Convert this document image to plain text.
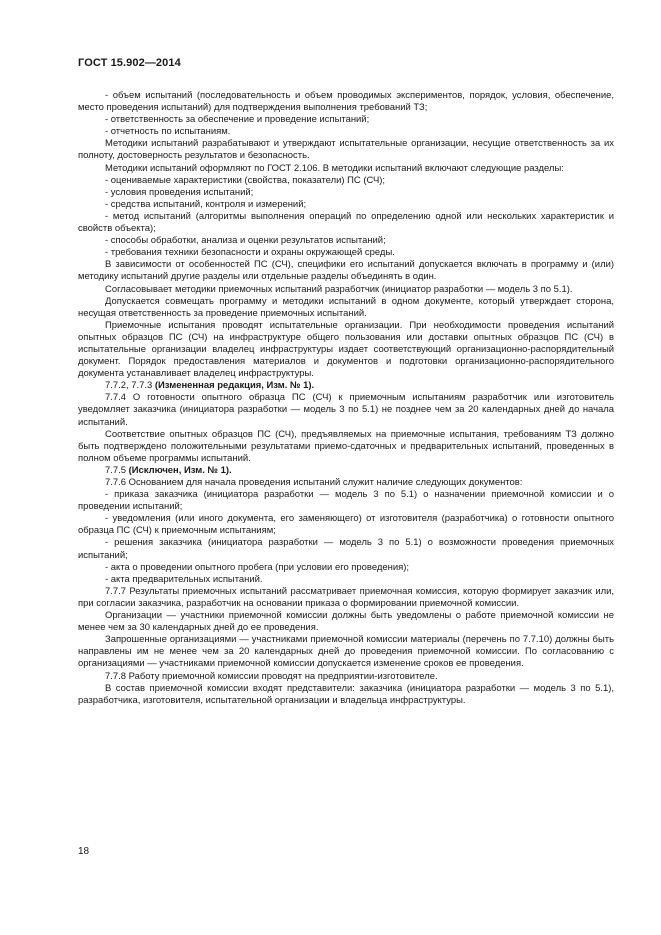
ГОСТ 15.902—2014

- объем испытаний (последовательность и объем проводимых экспериментов, порядок, условия, обеспечение, место проведения испытаний) для подтверждения выполнения требований ТЗ;

- ответственность за обеспечение и проведение испытаний;

- отчетность по испытаниям.

Методики испытаний разрабатывают и утверждают испытательные организации, несущие ответственность за их полноту, достоверность результатов и безопасность.

Методики испытаний оформляют по ГОСТ 2.106. В методики испытаний включают следующие разделы:

- оцениваемые характеристики (свойства, показатели) ПС (СЧ);

- условия проведения испытаний;

- средства испытаний, контроля и измерений;

- метод испытаний (алгоритмы выполнения операций по определению одной или нескольких характеристик и свойств объекта);

- способы обработки, анализа и оценки результатов испытаний;

- требования техники безопасности и охраны окружающей среды.

В зависимости от особенностей ПС (СЧ), специфики его испытаний допускается включать в программу и (или) методику испытаний другие разделы или отдельные разделы объединять в один.

Согласовывает методики приемочных испытаний разработчик (инициатор разработки — модель 3 по 5.1).

Допускается совмещать программу и методики испытаний в одном документе, который утверждает сторона, несущая ответственность за проведение приемочных испытаний.

Приемочные испытания проводят испытательные организации. При необходимости проведения испытаний опытных образцов ПС (СЧ) на инфраструктуре общего пользования или доставки опытных образцов ПС (СЧ) в испытательные организации владелец инфраструктуры издает соответствующий организационно-распорядительный документ. Порядок предоставления материалов и документов и подготовки организационно-распорядительного документа устанавливает владелец инфраструктуры.

7.7.2, 7.7.3 (Измененная редакция, Изм. № 1).

7.7.4 О готовности опытного образца ПС (СЧ) к приемочным испытаниям разработчик или изготовитель уведомляет заказчика (инициатора разработки — модель 3 по 5.1) не позднее чем за 20 календарных дней до начала испытаний.

Соответствие опытных образцов ПС (СЧ), предъявляемых на приемочные испытания, требованиям ТЗ должно быть подтверждено положительными результатами приемо-сдаточных и предварительных испытаний, проведенных в полном объеме программы испытаний.

7.7.5 (Исключен, Изм. № 1).

7.7.6 Основанием для начала проведения испытаний служит наличие следующих документов:

- приказа заказчика (инициатора разработки — модель 3 по 5.1) о назначении приемочной комиссии и о проведении испытаний;

- уведомления (или иного документа, его заменяющего) от изготовителя (разработчика) о готовности опытного образца ПС (СЧ) к приемочным испытаниям;

- решения заказчика (инициатора разработки — модель 3 по 5.1) о возможности проведения приемочных испытаний;

- акта о проведении опытного пробега (при условии его проведения);

- акта предварительных испытаний.

7.7.7 Результаты приемочных испытаний рассматривает приемочная комиссия, которую формирует заказчик или, при согласии заказчика, разработчик на основании приказа о формировании приемочной комиссии.

Организации — участники приемочной комиссии должны быть уведомлены о работе приемочной комиссии не менее чем за 30 календарных дней до ее проведения.

Запрошенные организациями — участниками приемочной комиссии материалы (перечень по 7.7.10) должны быть направлены им не менее чем за 20 календарных дней до проведения приемочной комиссии. По согласованию с организациями — участниками приемочной комиссии допускается изменение сроков ее проведения.

7.7.8 Работу приемочной комиссии проводят на предприятии-изготовителе.

В состав приемочной комиссии входят представители: заказчика (инициатора разработки — модель 3 по 5.1), разработчика, изготовителя, испытательной организации и владельца инфраструктуры.

18
